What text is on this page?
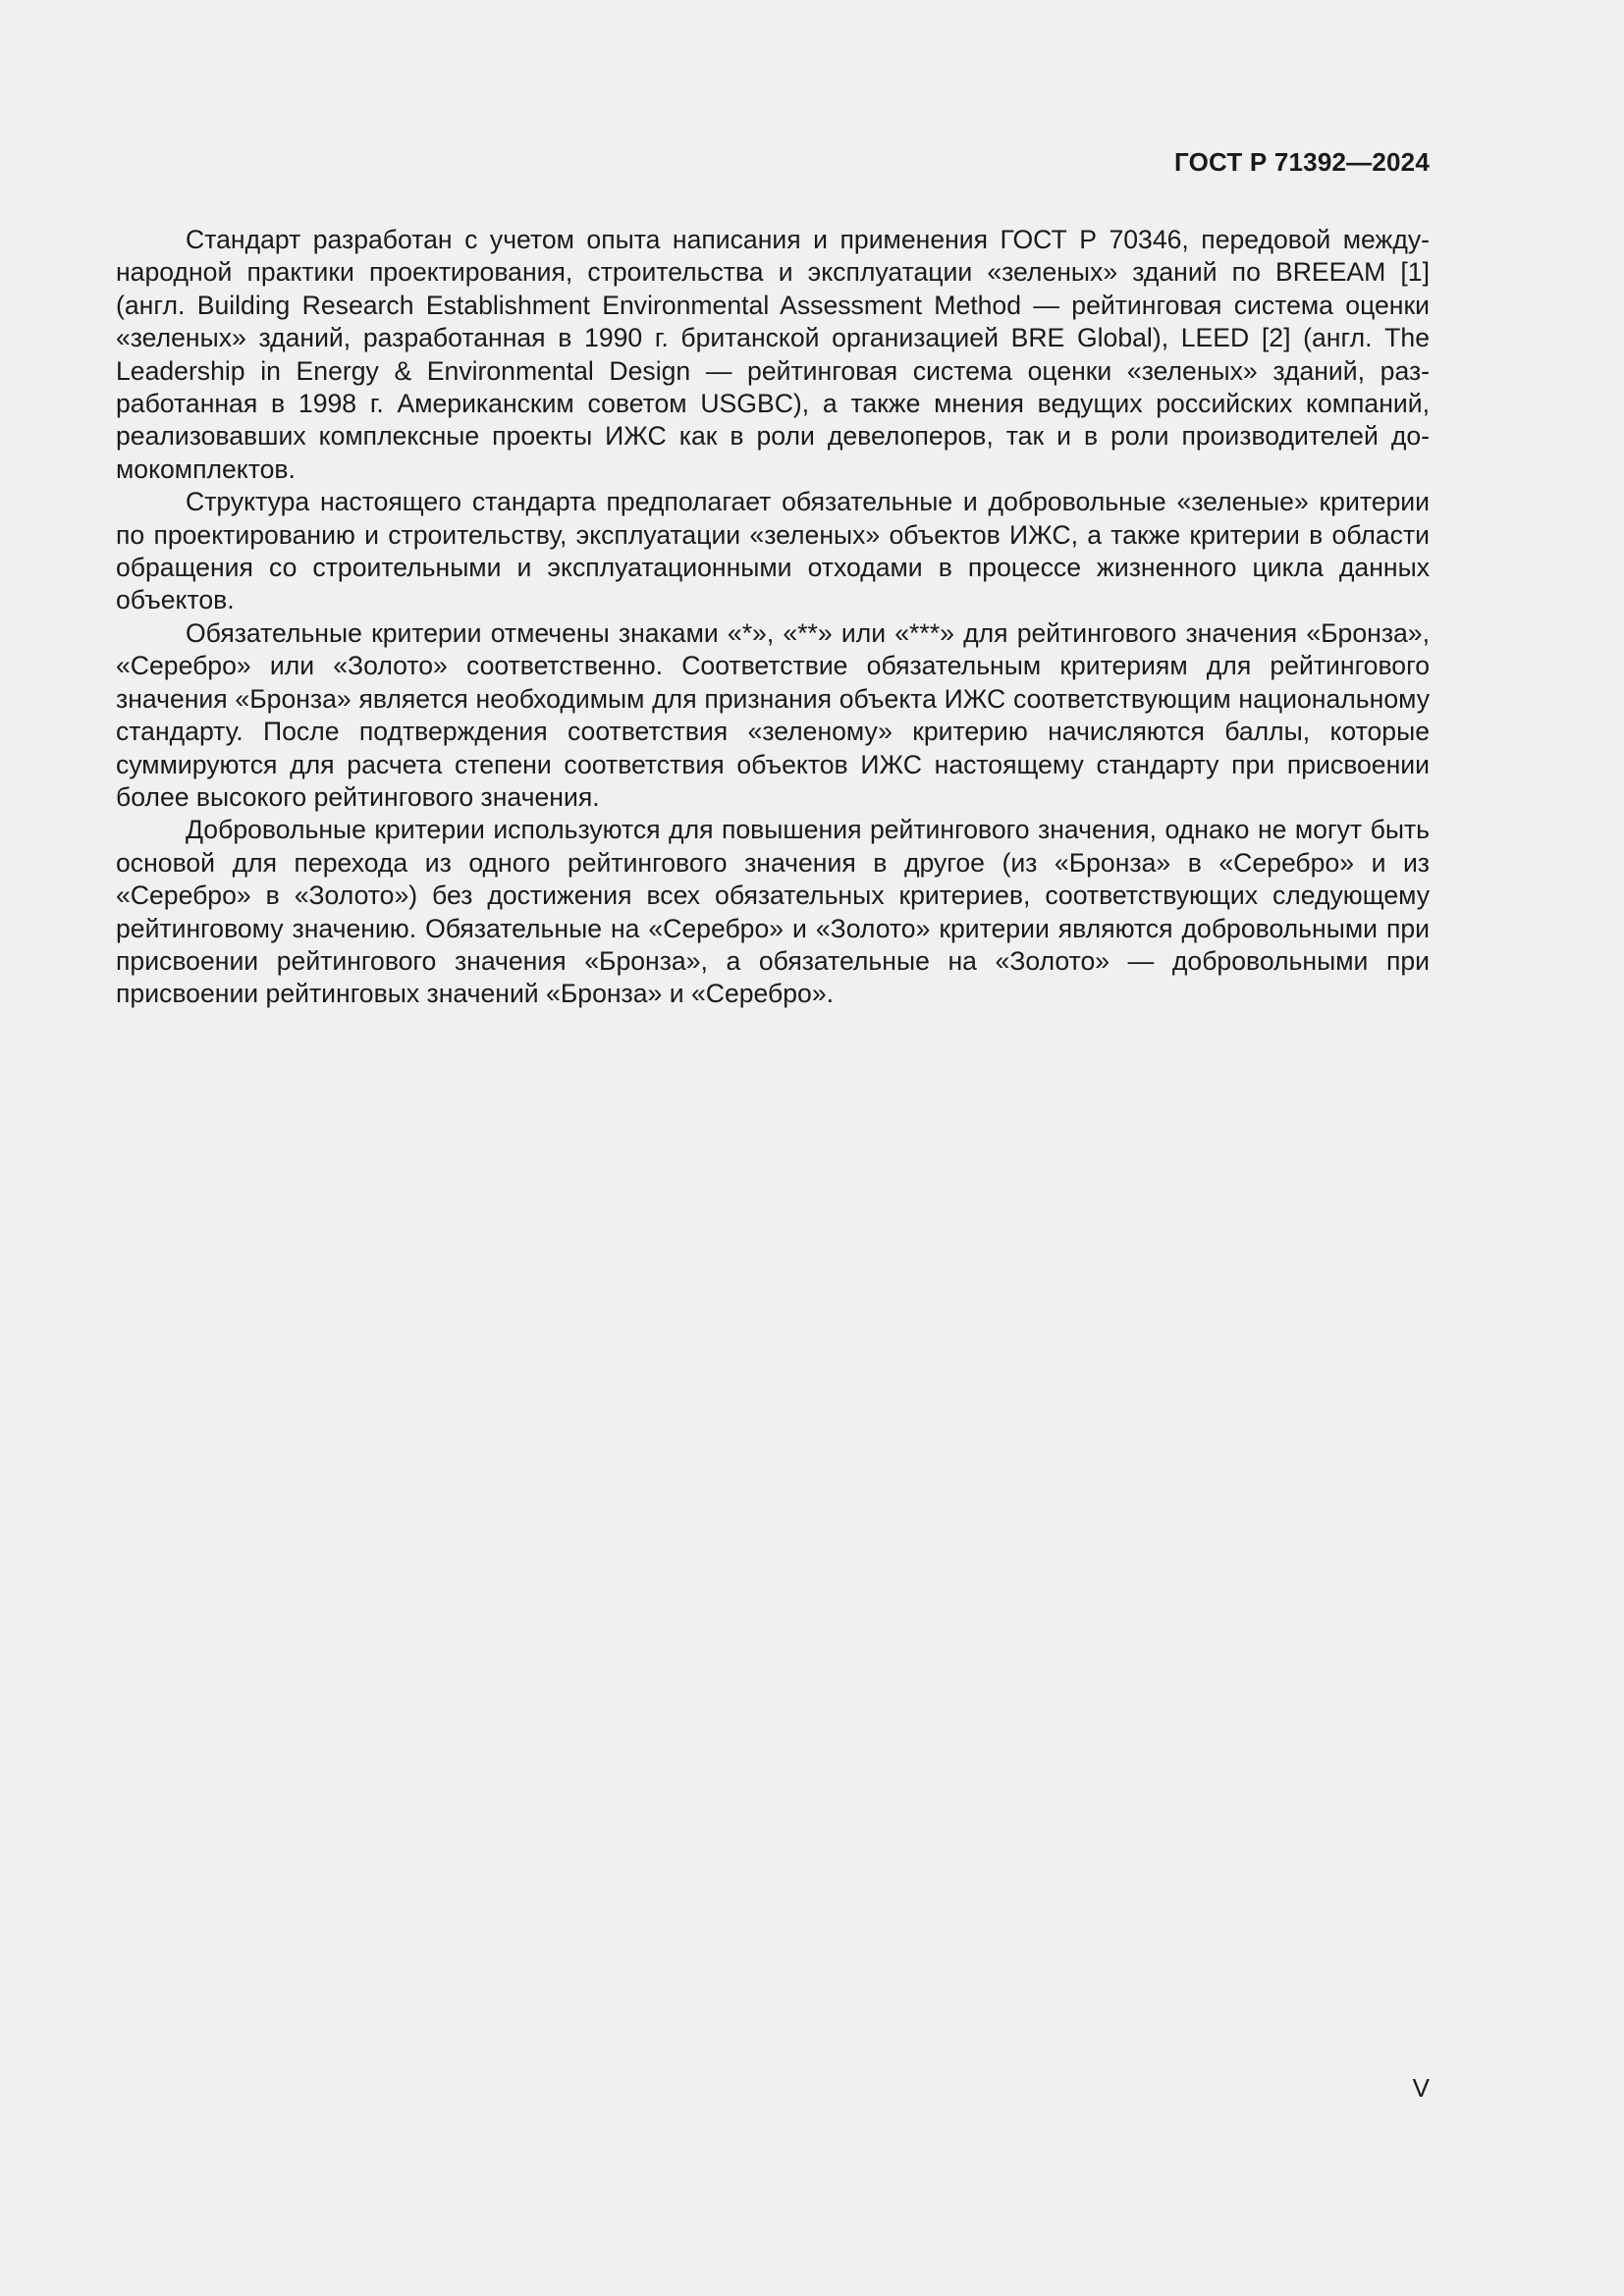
ГОСТ Р 71392—2024

Стандарт разработан с учетом опыта написания и применения ГОСТ Р 70346, передовой международной практики проектирования, строительства и эксплуатации «зеленых» зданий по BREEAM [1] (англ. Building Research Establishment Environmental Assessment Method — рейтинговая система оценки «зеленых» зданий, разработанная в 1990 г. британской организацией BRE Global), LEED [2] (англ. The Leadership in Energy & Environmental Design — рейтинговая система оценки «зеленых» зданий, разработанная в 1998 г. Американским советом USGBC), а также мнения ведущих российских компаний, реализовавших комплексные проекты ИЖС как в роли девелоперов, так и в роли производителей домокомплектов.

Структура настоящего стандарта предполагает обязательные и добровольные «зеленые» критерии по проектированию и строительству, эксплуатации «зеленых» объектов ИЖС, а также критерии в области обращения со строительными и эксплуатационными отходами в процессе жизненного цикла данных объектов.

Обязательные критерии отмечены знаками «*», «**» или «***» для рейтингового значения «Бронза», «Серебро» или «Золото» соответственно. Соответствие обязательным критериям для рейтингового значения «Бронза» является необходимым для признания объекта ИЖС соответствующим национальному стандарту. После подтверждения соответствия «зеленому» критерию начисляются баллы, которые суммируются для расчета степени соответствия объектов ИЖС настоящему стандарту при присвоении более высокого рейтингового значения.

Добровольные критерии используются для повышения рейтингового значения, однако не могут быть основой для перехода из одного рейтингового значения в другое (из «Бронза» в «Серебро» и из «Серебро» в «Золото») без достижения всех обязательных критериев, соответствующих следующему рейтинговому значению. Обязательные на «Серебро» и «Золото» критерии являются добровольными при присвоении рейтингового значения «Бронза», а обязательные на «Золото» — добровольными при присвоении рейтинговых значений «Бронза» и «Серебро».

V
